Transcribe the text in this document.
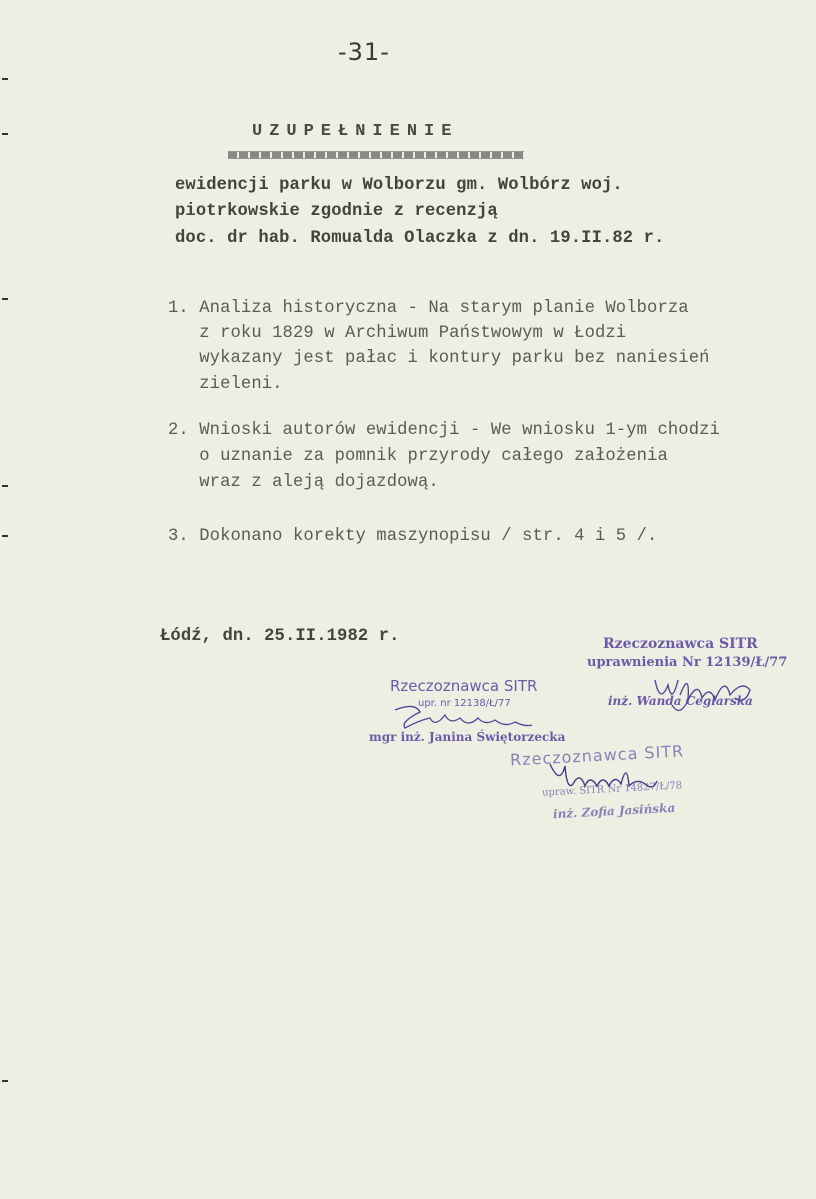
-31-
UZUPEŁNIENIE
ewidencji parku w Wolborzu gm. Wolbórz woj.
piotrkowskie zgodnie z recenzją
doc. dr hab. Romualda Olaczka z dn. 19.II.82 r.
1. Analiza historyczna - Na starym planie Wolborza
z roku 1829 w Archiwum Państwowym w Łodzi
wykazany jest pałac i kontury parku bez naniesień
zieleni.
2. Wnioski autorów ewidencji - We wniosku 1-ym chodzi
o uznanie za pomnik przyrody całego założenia
wraz z aleją dojazdową.
3. Dokonano korekty maszynopisu / str. 4 i 5 /.
Łódź, dn. 25.II.1982 r.	Rzeczoznawca SITR
uprawnienia Nr 12139/Ł/77
inż. Wanda Ceglarska
Rzeczoznawca SITR
upr. nr 12138/Ł/77
mgr inż. Janina Świętorzecka
Rzeczoznawca SITR
upraw. SITR Nr 14827/Ł/78
inż. Zofia Jasińska
